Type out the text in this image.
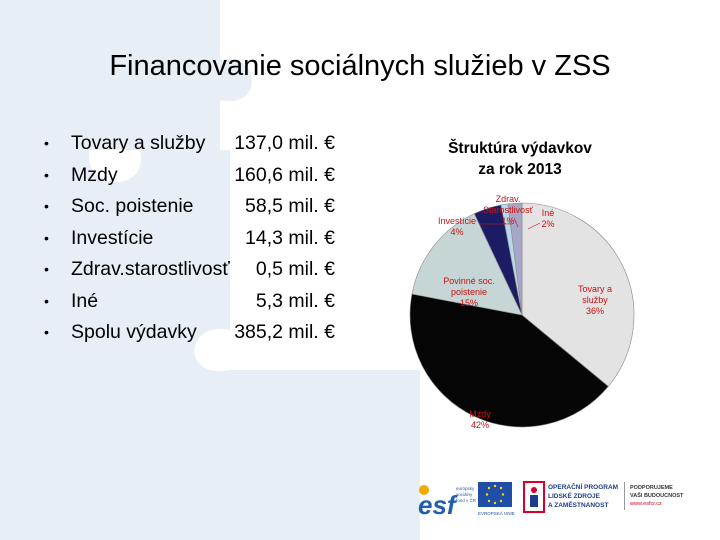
Financovanie sociálnych služieb v ZSS
• Tovary a služby 137,0 mil. €
• Mzdy	160,6 mil. €
• Soc. poistenie	58,5 mil. €
• Investície	14,3 mil. €
• Zdrav.starostlivosť 0,5 mil. €
• Iné	5,3 mil. €
• Spolu výdavky 385,2 mil. €
Štruktúra výdavkov
za rok 2013
Tovary a
služby
36%
Mzdy
42%
Povinné soc.
poistenie
15%
Investície
4%
Zdrav.
Starostlivosť
1%
Iné
2%
esf
európsky
sociálny
fond v ČR
EVROPSKÁ UNIE
OPERAČNÍ PROGRAM
LIDSKÉ ZDROJE
A ZAMĚSTNANOST
PODPORUJEME
VAŠI BUDOUCNOST
www.esfcr.cz
